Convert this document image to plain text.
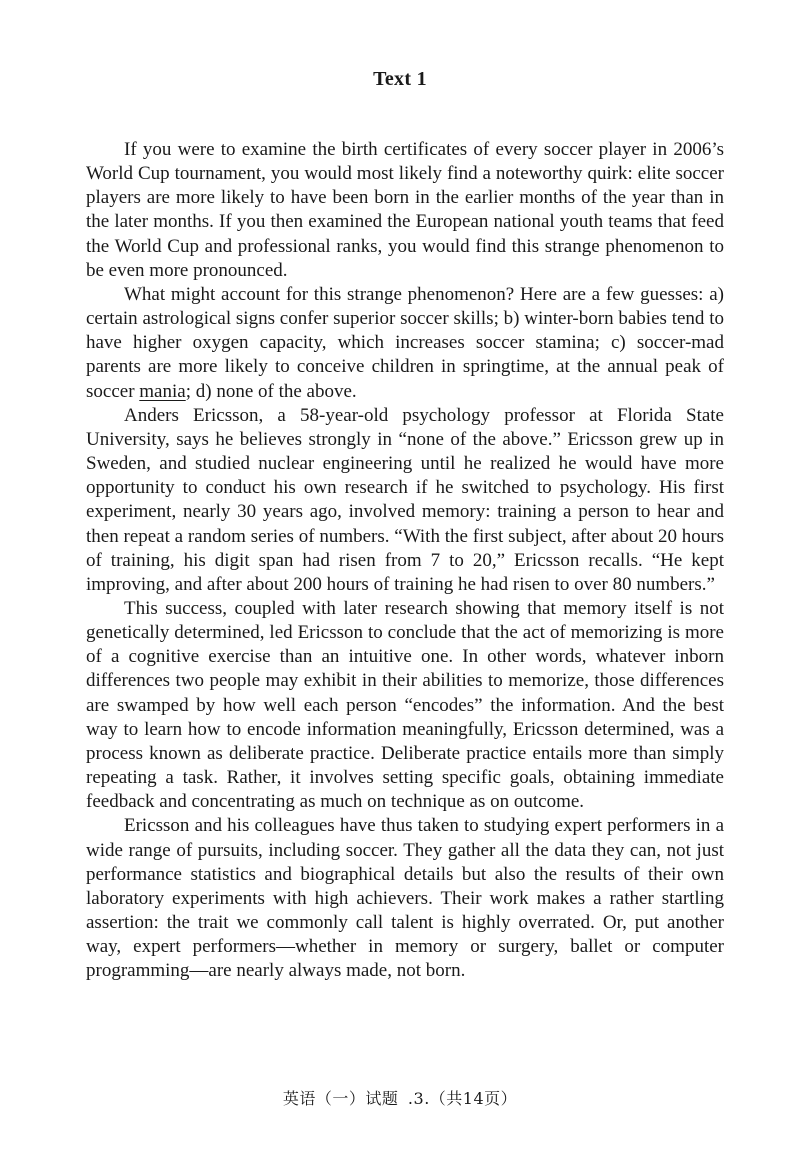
Text 1

If you were to examine the birth certificates of every soccer player in 2006’s World Cup tournament, you would most likely find a noteworthy quirk: elite soccer players are more likely to have been born in the earlier months of the year than in the later months. If you then examined the European national youth teams that feed the World Cup and professional ranks, you would find this strange phenomenon to be even more pronounced.

What might account for this strange phenomenon? Here are a few guesses: a) certain astrological signs confer superior soccer skills; b) winter-born babies tend to have higher oxygen capacity, which increases soccer stamina; c) soccer-mad parents are more likely to conceive children in springtime, at the annual peak of soccer mania; d) none of the above.

Anders Ericsson, a 58-year-old psychology professor at Florida State University, says he believes strongly in “none of the above.” Ericsson grew up in Sweden, and studied nuclear engineering until he realized he would have more opportunity to conduct his own research if he switched to psychology. His first experiment, nearly 30 years ago, involved memory: training a person to hear and then repeat a random series of numbers. “With the first subject, after about 20 hours of training, his digit span had risen from 7 to 20,” Ericsson recalls. “He kept improving, and after about 200 hours of training he had risen to over 80 numbers.”

This success, coupled with later research showing that memory itself is not genetically determined, led Ericsson to conclude that the act of memorizing is more of a cognitive exercise than an intuitive one. In other words, whatever inborn differences two people may exhibit in their abilities to memorize, those differences are swamped by how well each person “encodes” the information. And the best way to learn how to encode information meaningfully, Ericsson determined, was a process known as deliberate practice. Deliberate practice entails more than simply repeating a task. Rather, it involves setting specific goals, obtaining immediate feedback and concentrating as much on technique as on outcome.

Ericsson and his colleagues have thus taken to studying expert performers in a wide range of pursuits, including soccer. They gather all the data they can, not just performance statistics and biographical details but also the results of their own laboratory experiments with high achievers. Their work makes a rather startling assertion: the trait we commonly call talent is highly overrated. Or, put another way, expert performers—whether in memory or surgery, ballet or computer programming—are nearly always made, not born.

英语（一）试题 .3.（共14页）
